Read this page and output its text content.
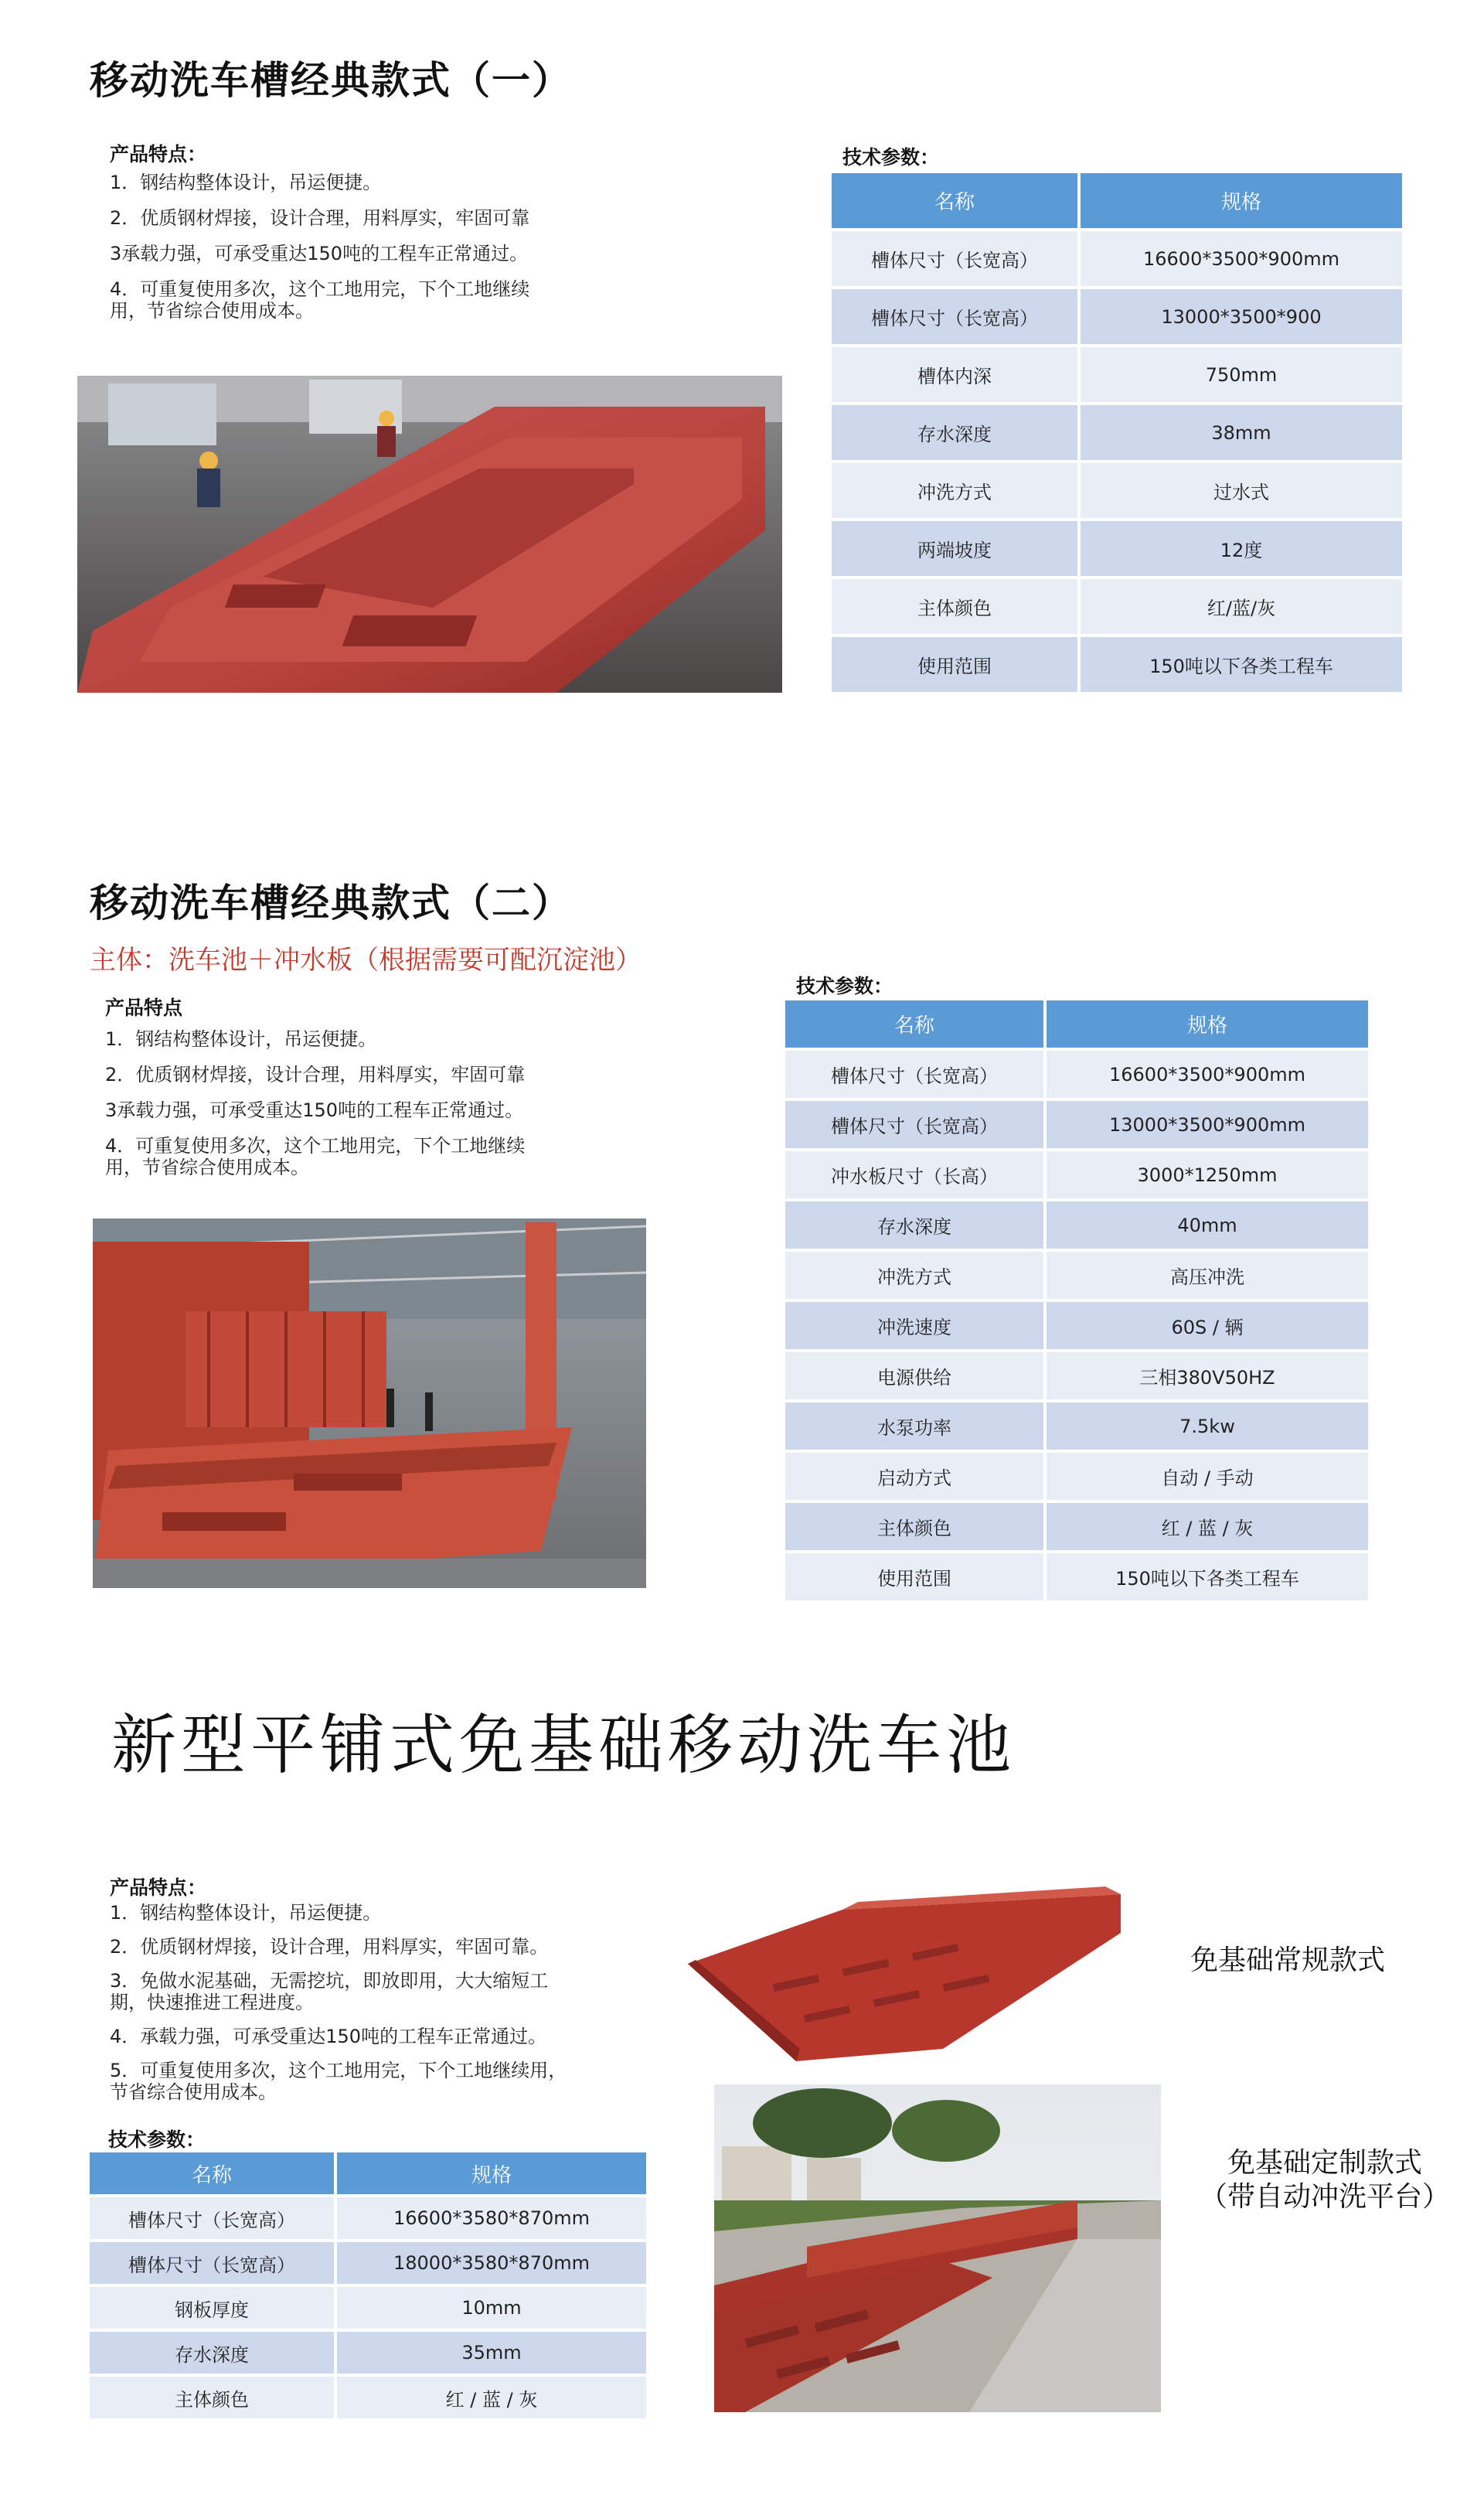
移动洗车槽经典款式（一）
产品特点：

1．钢结构整体设计，吊运便捷。

2．优质钢材焊接，设计合理，用料厚实，牢固可靠

3承载力强，可承受重达150吨的工程车正常通过。

4．可重复使用多次，这个工地用完，下个工地继续用，节省综合使用成本。

技术参数：
名称	规格
槽体尺寸（长宽高）	16600*3500*900mm
槽体尺寸（长宽高）	13000*3500*900
槽体内深	750mm
存水深度	38mm
冲洗方式	过水式
两端坡度	12度
主体颜色	红/蓝/灰
使用范围	150吨以下各类工程车
移动洗车槽经典款式（二）
主体：洗车池＋冲水板（根据需要可配沉淀池）
产品特点

1．钢结构整体设计，吊运便捷。

2．优质钢材焊接，设计合理，用料厚实，牢固可靠

3承载力强，可承受重达150吨的工程车正常通过。

4．可重复使用多次，这个工地用完，下个工地继续用，节省综合使用成本。

技术参数：
名称	规格
槽体尺寸（长宽高）	16600*3500*900mm
槽体尺寸（长宽高）	13000*3500*900mm
冲水板尺寸（长高）	3000*1250mm
存水深度	40mm
冲洗方式	高压冲洗
冲洗速度	60S / 辆
电源供给	三相380V50HZ
水泵功率	7.5kw
启动方式	自动 / 手动
主体颜色	红 / 蓝 / 灰
使用范围	150吨以下各类工程车
新型平铺式免基础移动洗车池
产品特点：

1．钢结构整体设计，吊运便捷。

2．优质钢材焊接，设计合理，用料厚实，牢固可靠。

3．免做水泥基础，无需挖坑，即放即用，大大缩短工期，快速推进工程进度。

4．承载力强，可承受重达150吨的工程车正常通过。

5．可重复使用多次，这个工地用完，下个工地继续用，节省综合使用成本。

技术参数：
名称	规格
槽体尺寸（长宽高）	16600*3580*870mm
槽体尺寸（长宽高）	18000*3580*870mm
钢板厚度	10mm
存水深度	35mm
主体颜色	红 / 蓝 / 灰
免基础常规款式
免基础定制款式
（带自动冲洗平台）
